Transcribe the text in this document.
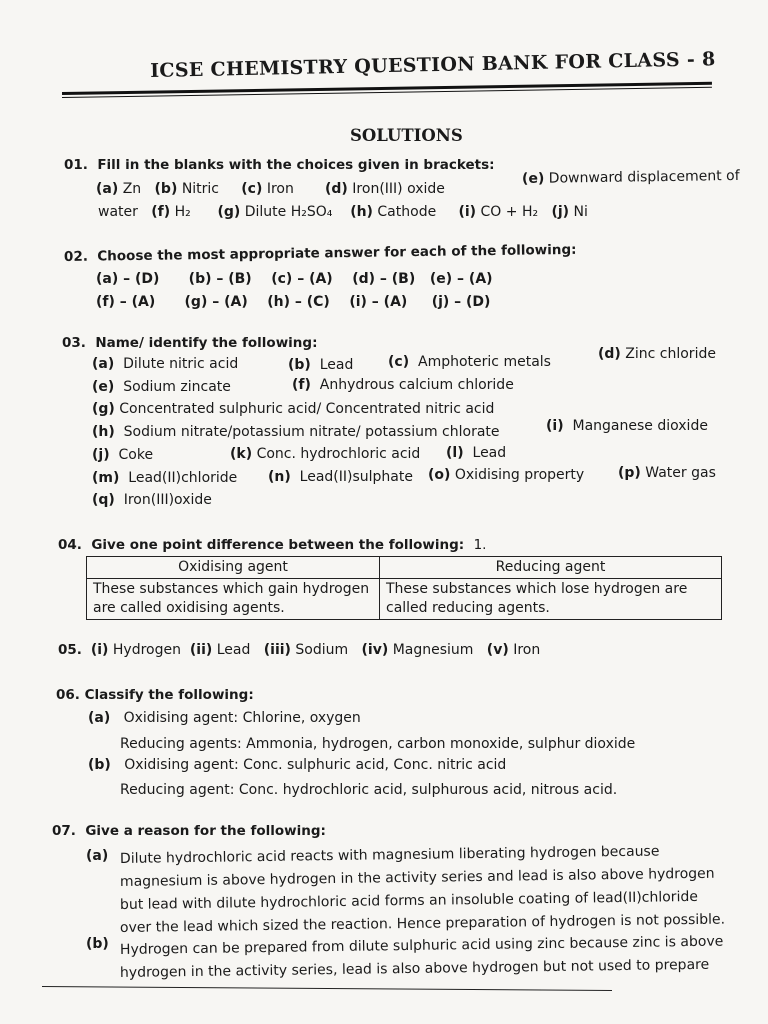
ICSE CHEMISTRY QUESTION BANK FOR CLASS - 8
SOLUTIONS
01. Fill in the blanks with the choices given in brackets:
(a) Zn (b) Nitric (c) Iron (d) Iron(III) oxide
(e) Downward displacement of
water (f) H₂ (g) Dilute H₂SO₄ (h) Cathode (i) CO + H₂ (j) Ni
02. Choose the most appropriate answer for each of the following:
(a) – (D) (b) – (B) (c) – (A) (d) – (B) (e) – (A)
(f) – (A) (g) – (A) (h) – (C) (i) – (A) (j) – (D)
03. Name/ identify the following:
(a) Dilute nitric acid	(b) Lead (c) Amphoteric metals	(d) Zinc chloride
(e) Sodium zincate	(f) Anhydrous calcium chloride
(g) Concentrated sulphuric acid/ Concentrated nitric acid
(h) Sodium nitrate/potassium nitrate/ potassium chlorate	(i) Manganese dioxide
(j) Coke	(k) Conc. hydrochloric acid (l) Lead
(m) Lead(II)chloride (n) Lead(II)sulphate (o) Oxidising property (p) Water gas
(q) Iron(III)oxide
04. Give one point difference between the following: 1.
Oxidising agent	Reducing agent
These substances which gain hydrogen are called oxidising agents.	These substances which lose hydrogen are called reducing agents.
05. (i) Hydrogen (ii) Lead (iii) Sodium (iv) Magnesium (v) Iron
06. Classify the following:
(a) Oxidising agent: Chlorine, oxygen
Reducing agents: Ammonia, hydrogen, carbon monoxide, sulphur dioxide
(b) Oxidising agent: Conc. sulphuric acid, Conc. nitric acid
Reducing agent: Conc. hydrochloric acid, sulphurous acid, nitrous acid.
07. Give a reason for the following:
(a) Dilute hydrochloric acid reacts with magnesium liberating hydrogen because
magnesium is above hydrogen in the activity series and lead is also above hydrogen
but lead with dilute hydrochloric acid forms an insoluble coating of lead(II)chloride
over the lead which sized the reaction. Hence preparation of hydrogen is not possible.
(b) Hydrogen can be prepared from dilute sulphuric acid using zinc because zinc is above
hydrogen in the activity series, lead is also above hydrogen but not used to prepare
